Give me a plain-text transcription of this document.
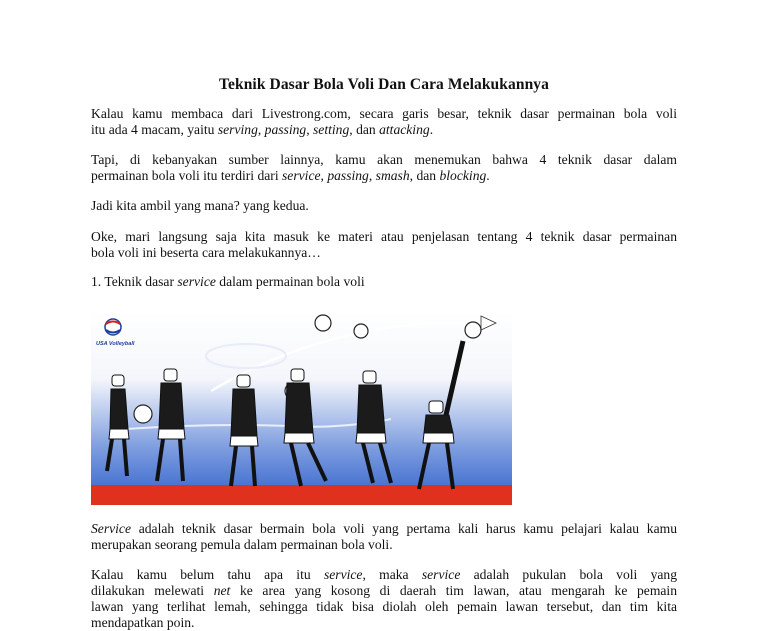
Teknik Dasar Bola Voli Dan Cara Melakukannya
Kalau kamu membaca dari Livestrong.com, secara garis besar, teknik dasar permainan bola voli
itu ada 4 macam, yaitu serving, passing, setting, dan attacking.
Tapi, di kebanyakan sumber lainnya, kamu akan menemukan bahwa 4 teknik dasar dalam
permainan bola voli itu terdiri dari service, passing, smash, dan blocking.
Jadi kita ambil yang mana? yang kedua.
Oke, mari langsung saja kita masuk ke materi atau penjelasan tentang 4 teknik dasar permainan
bola voli ini beserta cara melakukannya…
1. Teknik dasar service dalam permainan bola voli
USA Volleyball
Service adalah teknik dasar bermain bola voli yang pertama kali harus kamu pelajari kalau kamu
merupakan seorang pemula dalam permainan bola voli.
Kalau kamu belum tahu apa itu service, maka service adalah pukulan bola voli yang
dilakukan melewati net ke area yang kosong di daerah tim lawan, atau mengarah ke pemain
lawan yang terlihat lemah, sehingga tidak bisa diolah oleh pemain lawan tersebut, dan tim kita
mendapatkan poin.
